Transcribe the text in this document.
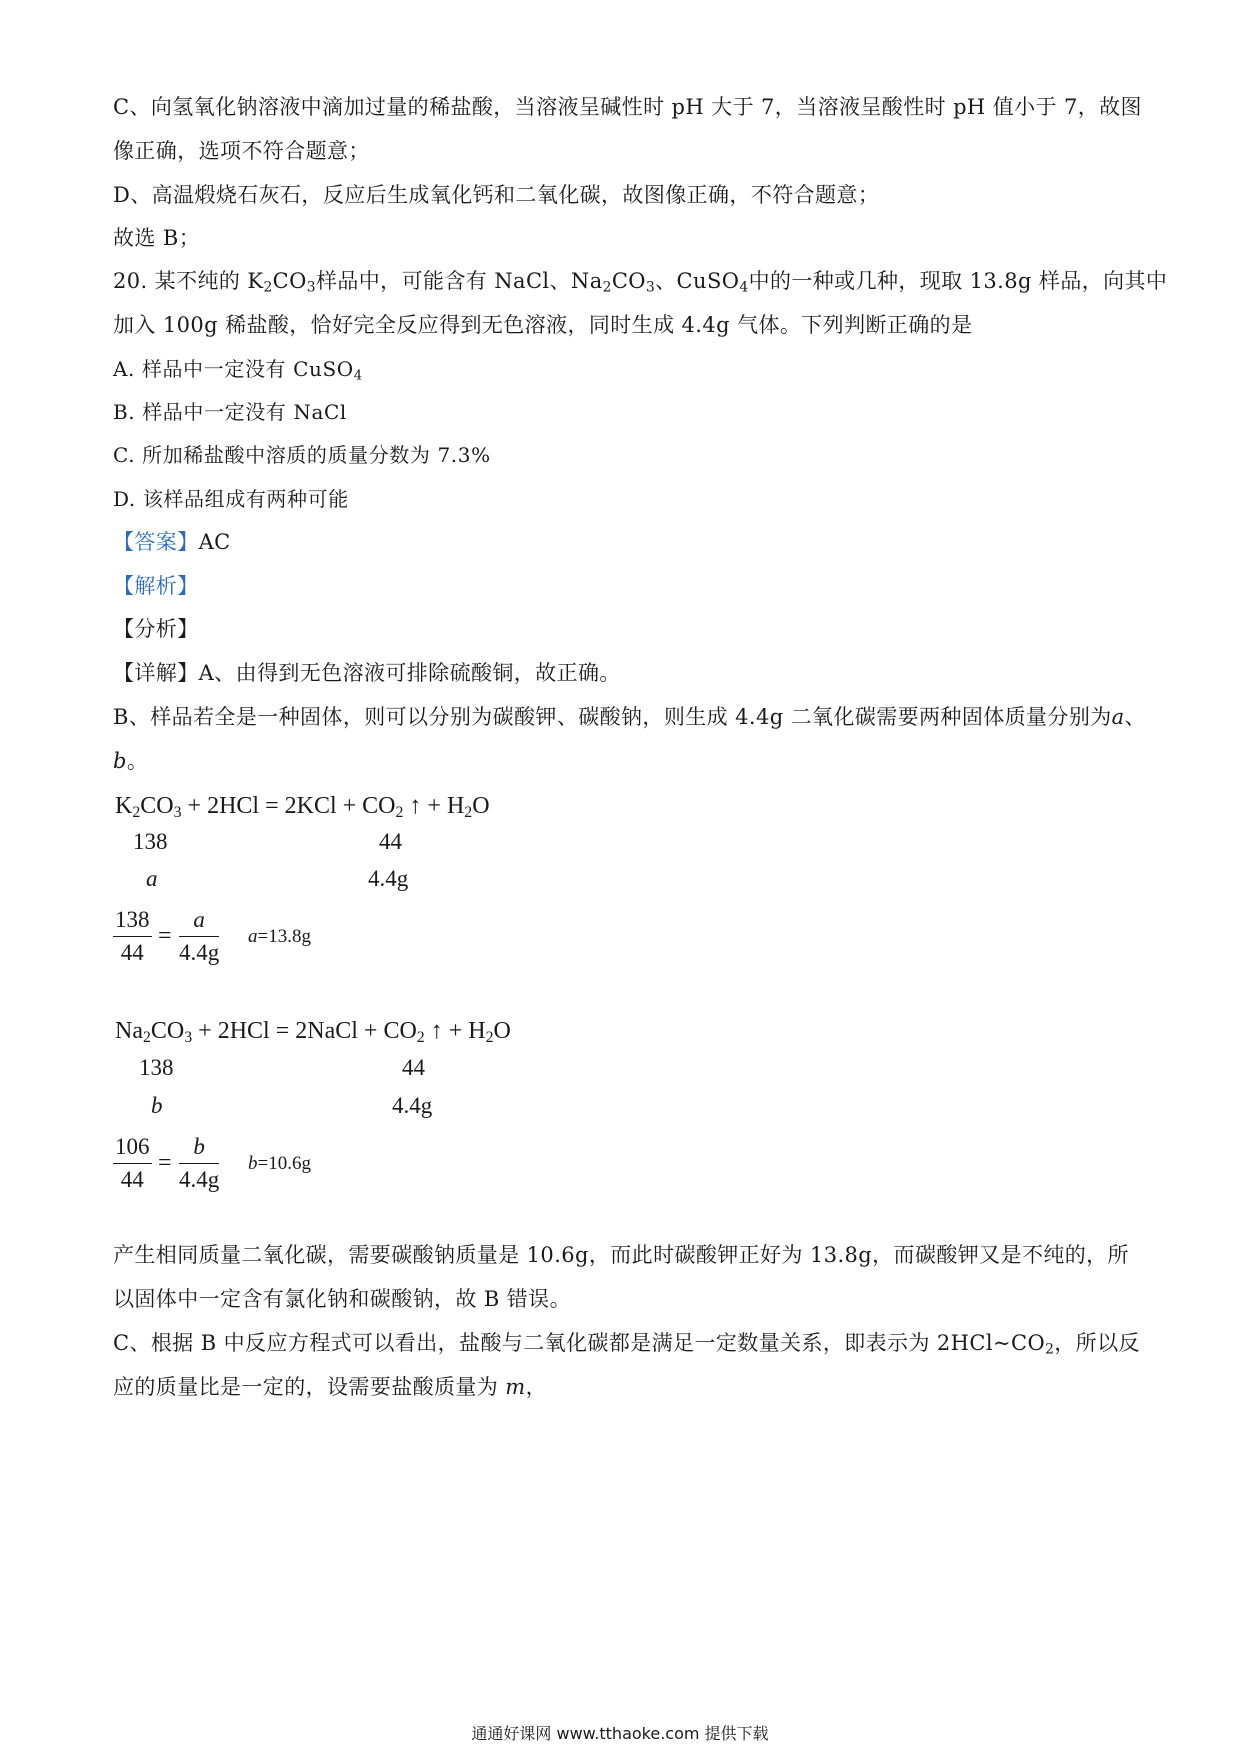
C、向氢氧化钠溶液中滴加过量的稀盐酸，当溶液呈碱性时 pH 大于 7，当溶液呈酸性时 pH 值小于 7，故图

像正确，选项不符合题意；

D、高温煅烧石灰石，反应后生成氧化钙和二氧化碳，故图像正确，不符合题意；

故选 B；

20. 某不纯的 $K_2CO_3$样品中，可能含有 NaCl、$Na_2CO_3$、CuSO$_4$中的一种或几种，现取 13.8g 样品，向其中

加入 100g 稀盐酸，恰好完全反应得到无色溶液，同时生成 4.4g 气体。下列判断正确的是

A. 样品中一定没有 CuSO$_4$

B. 样品中一定没有 NaCl

C. 所加稀盐酸中溶质的质量分数为 7.3%

D. 该样品组成有两种可能

【答案】AC

【解析】

【分析】

【详解】A、由得到无色溶液可排除硫酸铜，故正确。

B、样品若全是一种固体，则可以分别为碳酸钾、碳酸钠，则生成 4.4g 二氧化碳需要两种固体质量分别为a、

b。

$K_2CO_3 + 2HCl = 2KCl + CO_2$ ↑ + $H_2O$

138	44

a	4.4g

$\frac{138}{44} = \frac{a}{4.4g} a=13.8g$

$Na_2CO_3 + 2HCl$ = 2NaCl + $CO_2$ ↑ + $H_2O$

138	44

b	4.4g

$\frac{106}{44} = \frac{b}{4.4g} b=10.6g$

产生相同质量二氧化碳，需要碳酸钠质量是 10.6g，而此时碳酸钾正好为 13.8g，而碳酸钾又是不纯的，所

以固体中一定含有氯化钠和碳酸钠，故 B 错误。

C、根据 B 中反应方程式可以看出，盐酸与二氧化碳都是满足一定数量关系，即表示为 $2HCl\sim CO_2$，所以反

应的质量比是一定的，设需要盐酸质量为 m，

通通好课网 www.tthaoke.com 提供下载
